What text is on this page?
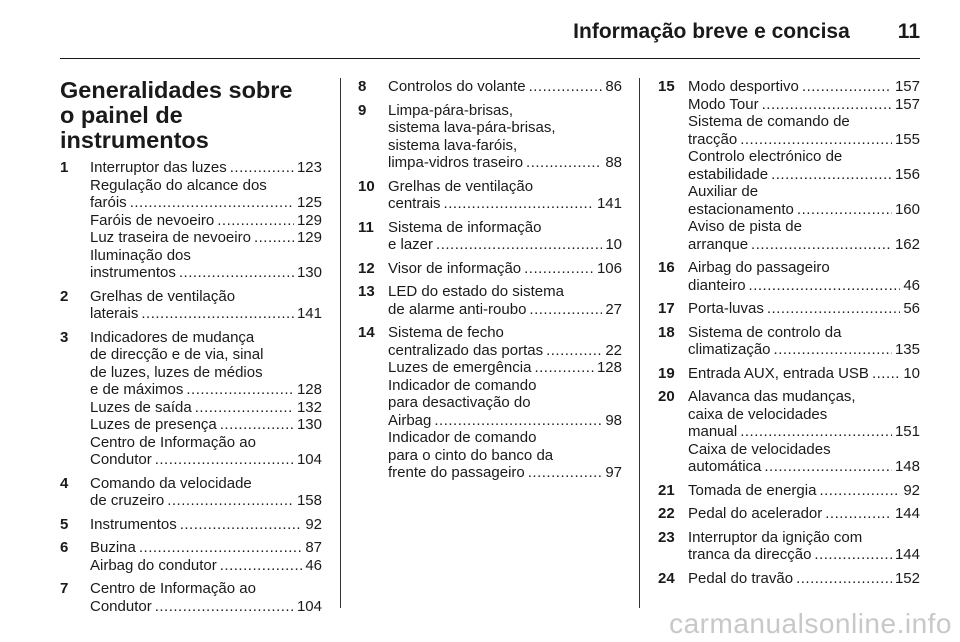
Informação breve e concisa 11
Generalidades sobre
o painel de instrumentos
1	Interruptor das luzes .....	123
Regulação do alcance dos
faróis .....	125
Faróis de nevoeiro .....	129
Luz traseira de nevoeiro .....	129
Iluminação dos
instrumentos .....	130
2	Grelhas de ventilação
laterais .....	141
3	Indicadores de mudança
de direcção e de via, sinal
de luzes, luzes de médios
e de máximos .....	128
Luzes de saída .....	132
Luzes de presença .....	130
Centro de Informação ao
Condutor .....	104
4	Comando da velocidade
de cruzeiro .....	158
5	Instrumentos .....	92
6	Buzina .....	87
Airbag do condutor .....	46
7	Centro de Informação ao
Condutor .....	104
8	Controlos do volante .....	86
9	Limpa-pára-brisas,
sistema lava-pára-brisas,
sistema lava-faróis,
limpa-vidros traseiro .....	88
10 Grelhas de ventilação
centrais .....	141
11 Sistema de informação
e lazer .....	10
12 Visor de informação .....	106
13 LED do estado do sistema
de alarme anti-roubo .....	27
14 Sistema de fecho
centralizado das portas .....	22
Luzes de emergência .....	128
Indicador de comando
para desactivação do
Airbag .....	98
Indicador de comando
para o cinto do banco da
frente do passageiro .....	97
15 Modo desportivo .....	157
Modo Tour .....	157
Sistema de comando de
tracção .....	155
Controlo electrónico de
estabilidade .....	156
Auxiliar de
estacionamento .....	160
Aviso de pista de
arranque .....	162
16 Airbag do passageiro
dianteiro .....	46
17 Porta-luvas .....	56
18 Sistema de controlo da
climatização .....	135
19 Entrada AUX, entrada USB ..... 10
20 Alavanca das mudanças,
caixa de velocidades
manual .....	151
Caixa de velocidades
automática .....	148
21 Tomada de energia .....	92
22 Pedal do acelerador .....	144
23 Interruptor da ignição com
tranca da direcção .....	144
24 Pedal do travão .....	152
carmanualsonline.info
